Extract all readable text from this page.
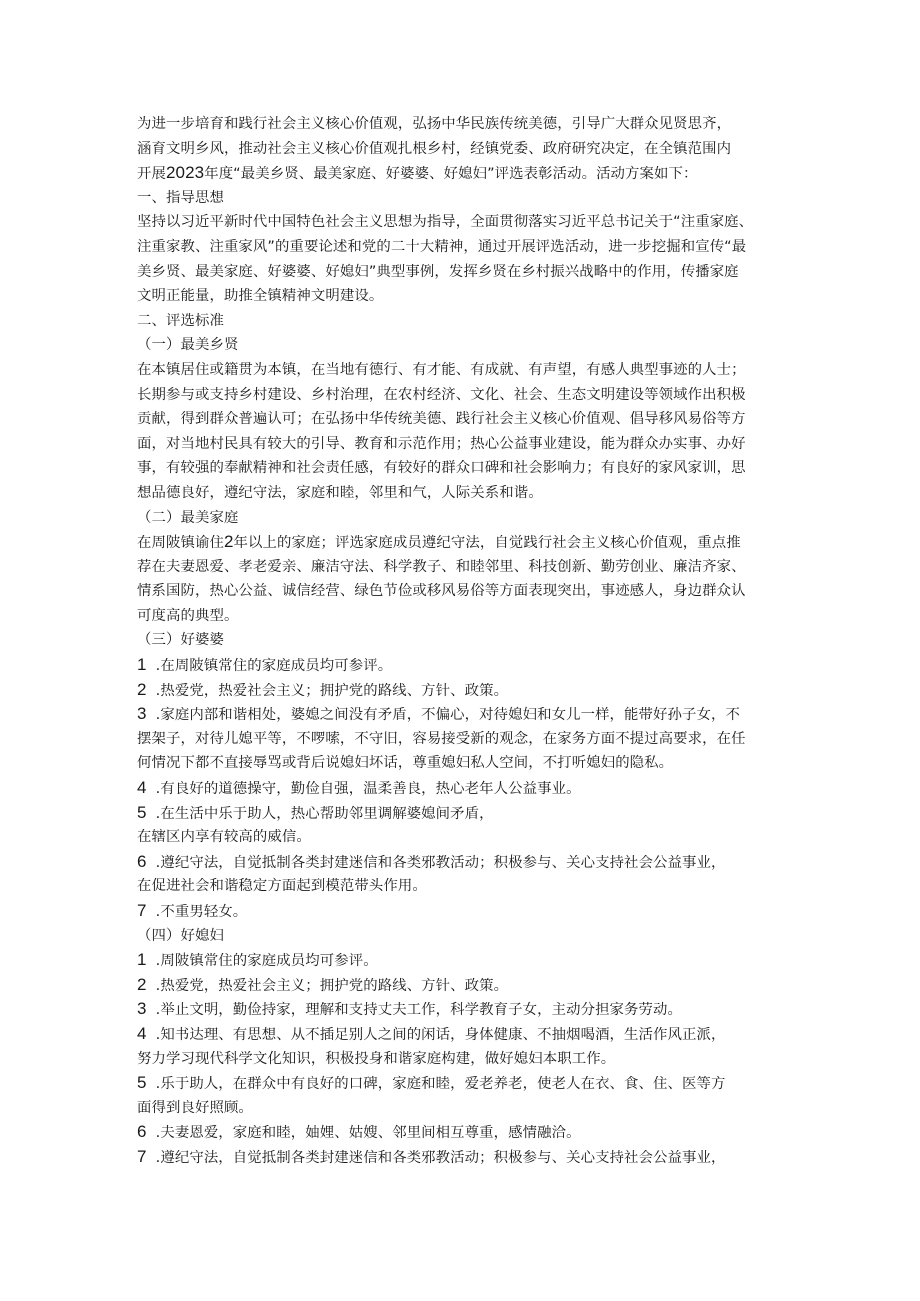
为进一步培育和践行社会主义核心价值观，弘扬中华民族传统美德，引导广大群众见贤思齐，

涵育文明乡风，推动社会主义核心价值观扎根乡村，经镇党委、政府研究决定，在全镇范围内

开展2023年度“最美乡贤、最美家庭、好婆婆、好媳妇”评选表彰活动。活动方案如下：

一、指导思想

坚持以习近平新时代中国特色社会主义思想为指导，全面贯彻落实习近平总书记关于“注重家庭、

注重家教、注重家风”的重要论述和党的二十大精神，通过开展评选活动，进一步挖掘和宣传“最

美乡贤、最美家庭、好婆婆、好媳妇”典型事例，发挥乡贤在乡村振兴战略中的作用，传播家庭

文明正能量，助推全镇精神文明建设。

二、评选标准

（一）最美乡贤

在本镇居住或籍贯为本镇，在当地有德行、有才能、有成就、有声望，有感人典型事迹的人士；

长期参与或支持乡村建设、乡村治理，在农村经济、文化、社会、生态文明建设等领域作出积极

贡献，得到群众普遍认可；在弘扬中华传统美德、践行社会主义核心价值观、倡导移风易俗等方

面，对当地村民具有较大的引导、教育和示范作用；热心公益事业建设，能为群众办实事、办好

事，有较强的奉献精神和社会责任感，有较好的群众口碑和社会影响力；有良好的家风家训，思

想品德良好，遵纪守法，家庭和睦，邻里和气，人际关系和谐。

（二）最美家庭

在周陂镇谕住2年以上的家庭；评选家庭成员遵纪守法，自觉践行社会主义核心价值观，重点推

荐在夫妻恩爱、孝老爱亲、廉洁守法、科学教子、和睦邻里、科技创新、勤劳创业、廉洁齐家、

情系国防，热心公益、诚信经营、绿色节俭或移风易俗等方面表现突出，事迹感人，身边群众认

可度高的典型。

（三）好婆婆

1 .在周陂镇常住的家庭成员均可参评。

2 .热爱党，热爱社会主义；拥护党的路线、方针、政策。

3 .家庭内部和谐相处，婆媳之间没有矛盾，不偏心，对待媳妇和女儿一样，能带好孙子女，不

摆架子，对待儿媳平等，不啰嗦，不守旧，容易接受新的观念，在家务方面不提过高要求，在任

何情况下都不直接辱骂或背后说媳妇坏话，尊重媳妇私人空间，不打听媳妇的隐私。

4 .有良好的道德操守，勤俭自强，温柔善良，热心老年人公益事业。

5 .在生活中乐于助人，热心帮助邻里调解婆媳间矛盾，

在辖区内享有较高的威信。

6 .遵纪守法，自觉抵制各类封建迷信和各类邪教活动；积极参与、关心支持社会公益事业，

在促进社会和谐稳定方面起到模范带头作用。

7 .不重男轻女。

（四）好媳妇

1 .周陂镇常住的家庭成员均可参评。

2 .热爱党，热爱社会主义；拥护党的路线、方针、政策。

3 .举止文明，勤俭持家，理解和支持丈夫工作，科学教育子女，主动分担家务劳动。

4 .知书达理、有思想、从不插足别人之间的闲话，身体健康、不抽烟喝酒，生活作风正派，

努力学习现代科学文化知识，积极投身和谐家庭构建，做好媳妇本职工作。

5 .乐于助人，在群众中有良好的口碑，家庭和睦，爱老养老，使老人在衣、食、住、医等方

面得到良好照顾。

6 .夫妻恩爱，家庭和睦，妯娌、姑嫂、邻里间相互尊重，感情融洽。

7 .遵纪守法，自觉抵制各类封建迷信和各类邪教活动；积极参与、关心支持社会公益事业，
